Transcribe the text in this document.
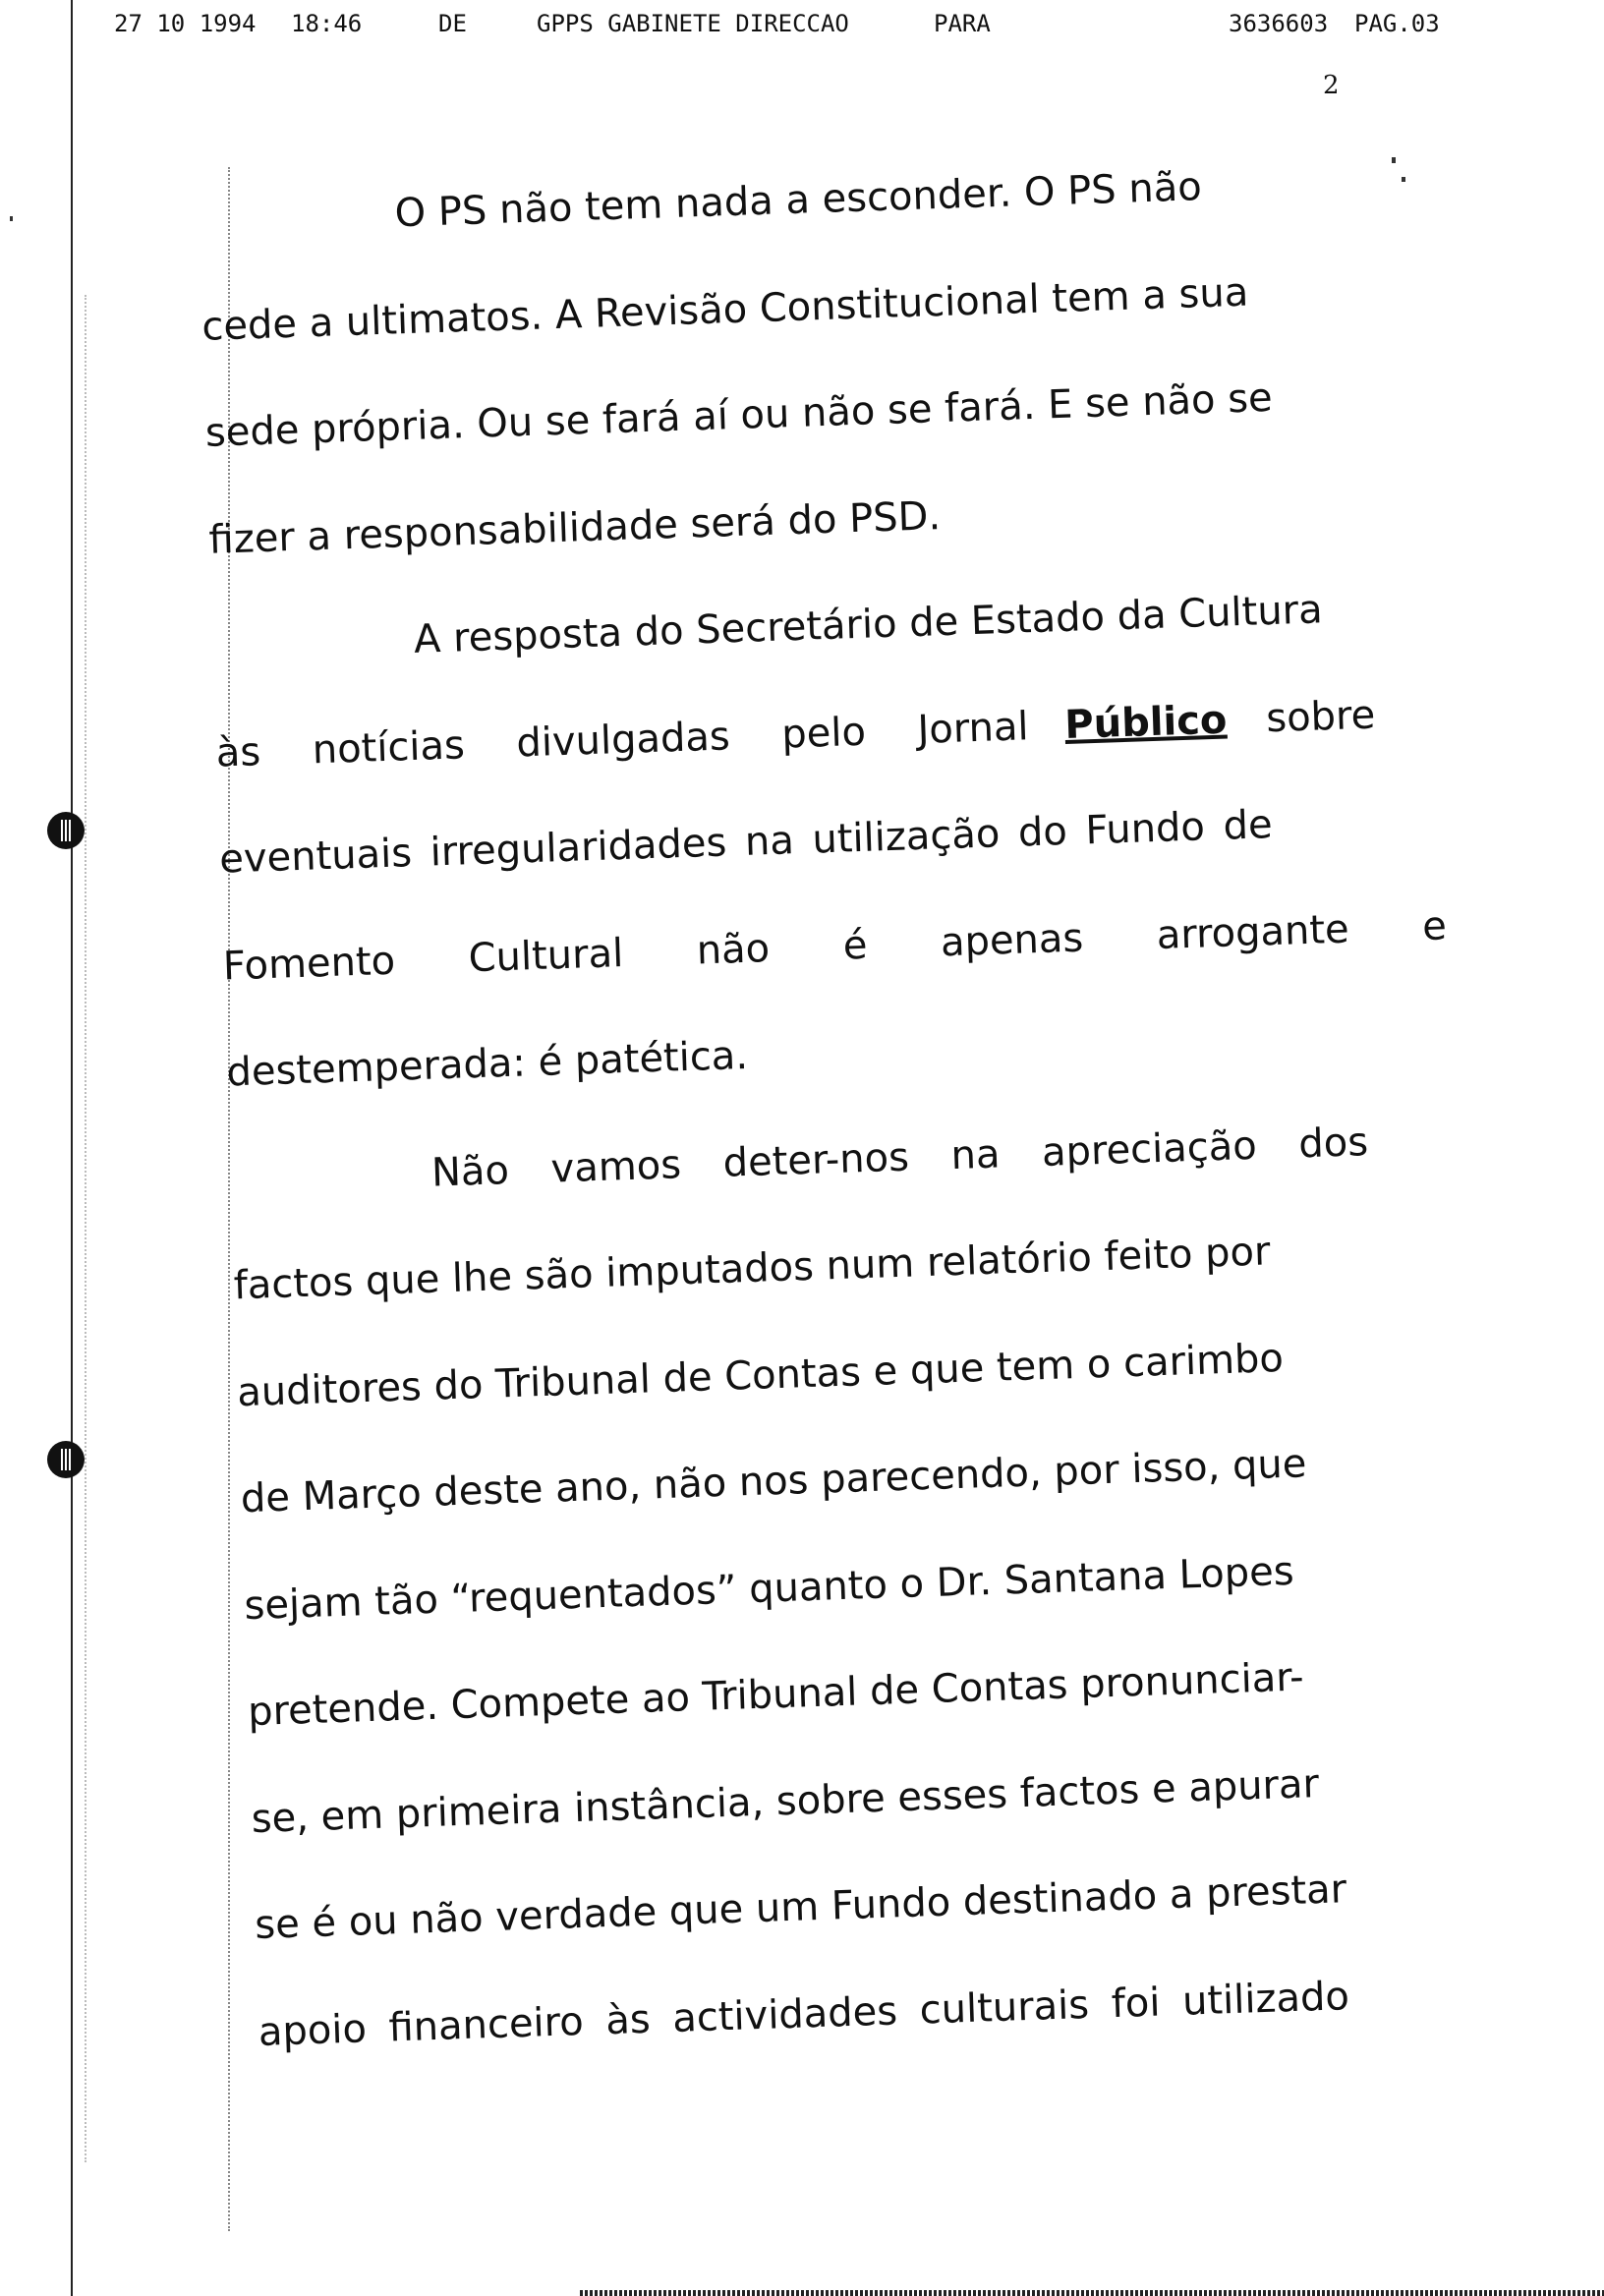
27 10 1994 18:46	DE	GPPS GABINETE DIRECCAO	PARA	3636603 PAG.03
2
O PS não tem nada a esconder. O PS não
cede a ultimatos. A Revisão Constitucional tem a sua
sede própria. Ou se fará aí ou não se fará. E se não se
fizer a responsabilidade será do PSD.
A resposta do Secretário de Estado da Cultura
às notícias divulgadas pelo Jornal Público sobre
eventuais irregularidades na utilização do Fundo de
Fomento Cultural não é apenas arrogante e
destemperada: é patética.
Não vamos deter-nos na apreciação dos
factos que lhe são imputados num relatório feito por
auditores do Tribunal de Contas e que tem o carimbo
de Março deste ano, não nos parecendo, por isso, que
sejam tão “requentados” quanto o Dr. Santana Lopes
pretende. Compete ao Tribunal de Contas pronunciar-
se, em primeira instância, sobre esses factos e apurar
se é ou não verdade que um Fundo destinado a prestar
apoio financeiro às actividades culturais foi utilizado
